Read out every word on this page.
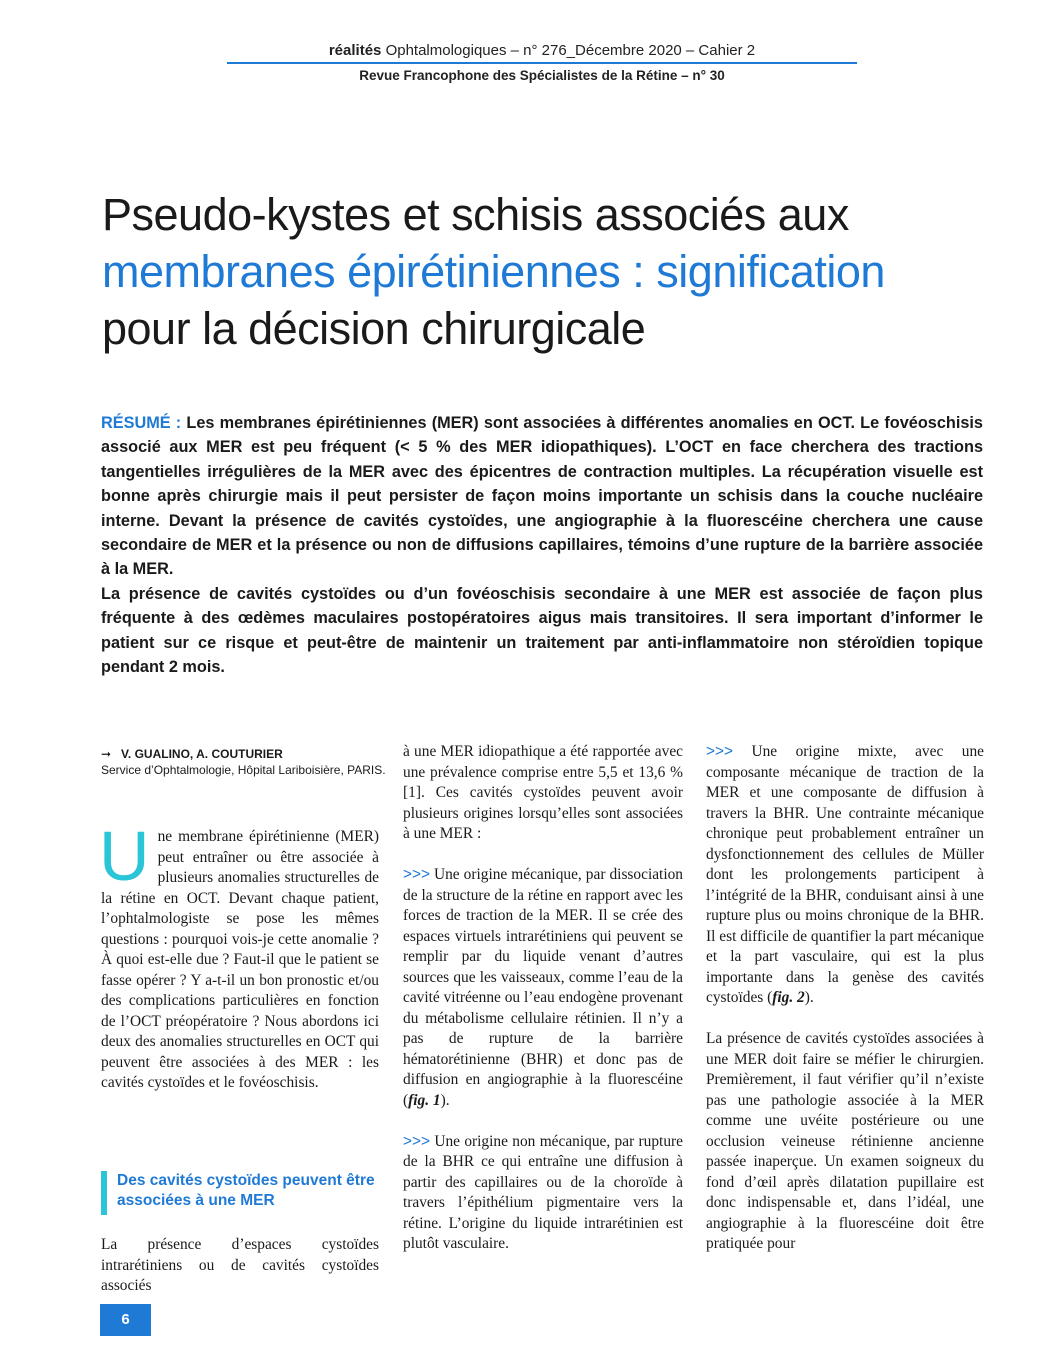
réalités Ophtalmologiques – n° 276_Décembre 2020 – Cahier 2
Revue Francophone des Spécialistes de la Rétine – n° 30
Pseudo-kystes et schisis associés aux
membranes épirétiniennes : signification
pour la décision chirurgicale

RÉSUMÉ : Les membranes épirétiniennes (MER) sont associées à différentes anomalies en OCT. Le fovéoschisis associé aux MER est peu fréquent (< 5 % des MER idiopathiques). L’OCT en face cherchera des tractions tangentielles irrégulières de la MER avec des épicentres de contraction multiples. La récupération visuelle est bonne après chirurgie mais il peut persister de façon moins importante un schisis dans la couche nucléaire interne. Devant la présence de cavités cystoïdes, une angiographie à la fluorescéine cherchera une cause secondaire de MER et la présence ou non de diffusions capillaires, témoins d’une rupture de la barrière associée à la MER.

La présence de cavités cystoïdes ou d’un fovéoschisis secondaire à une MER est associée de façon plus fréquente à des œdèmes maculaires postopératoires aigus mais transitoires. Il sera important d’informer le patient sur ce risque et peut-être de maintenir un traitement par anti-inflammatoire non stéroïdien topique pendant 2 mois.

➞ V. GUALINO, A. COUTURIER
Service d’Ophtalmologie, Hôpital Lariboisière, PARIS.

Une membrane épirétinienne (MER) peut entraîner ou être associée à plusieurs anomalies structurelles de la rétine en OCT. Devant chaque patient, l’ophtalmologiste se pose les mêmes questions : pourquoi vois-je cette anomalie ? À quoi est-elle due ? Faut-il que le patient se fasse opérer ? Y a-t-il un bon pronostic et/ou des complications particulières en fonction de l’OCT préopératoire ? Nous abordons ici deux des anomalies structurelles en OCT qui peuvent être associées à des MER : les cavités cystoïdes et le fovéoschisis.

Des cavités cystoïdes peuvent être associées à une MER

La présence d’espaces cystoïdes intrarétiniens ou de cavités cystoïdes associés

à une MER idiopathique a été rapportée avec une prévalence comprise entre 5,5 et 13,6 % [1]. Ces cavités cystoïdes peuvent avoir plusieurs origines lorsqu’elles sont associées à une MER :

>>> Une origine mécanique, par dissociation de la structure de la rétine en rapport avec les forces de traction de la MER. Il se crée des espaces virtuels intrarétiniens qui peuvent se remplir par du liquide venant d’autres sources que les vaisseaux, comme l’eau de la cavité vitréenne ou l’eau endogène provenant du métabolisme cellulaire rétinien. Il n’y a pas de rupture de la barrière hématorétinienne (BHR) et donc pas de diffusion en angiographie à la fluorescéine (fig. 1).

>>> Une origine non mécanique, par rupture de la BHR ce qui entraîne une diffusion à partir des capillaires ou de la choroïde à travers l’épithélium pigmentaire vers la rétine. L’origine du liquide intrarétinien est plutôt vasculaire.

>>> Une origine mixte, avec une composante mécanique de traction de la MER et une composante de diffusion à travers la BHR. Une contrainte mécanique chronique peut probablement entraîner un dysfonctionnement des cellules de Müller dont les prolongements participent à l’intégrité de la BHR, conduisant ainsi à une rupture plus ou moins chronique de la BHR. Il est difficile de quantifier la part mécanique et la part vasculaire, qui est la plus importante dans la genèse des cavités cystoïdes (fig. 2).

La présence de cavités cystoïdes associées à une MER doit faire se méfier le chirurgien. Premièrement, il faut vérifier qu’il n’existe pas une pathologie associée à la MER comme une uvéite postérieure ou une occlusion veineuse rétinienne ancienne passée inaperçue. Un examen soigneux du fond d’œil après dilatation pupillaire est donc indispensable et, dans l’idéal, une angiographie à la fluorescéine doit être pratiquée pour

6
